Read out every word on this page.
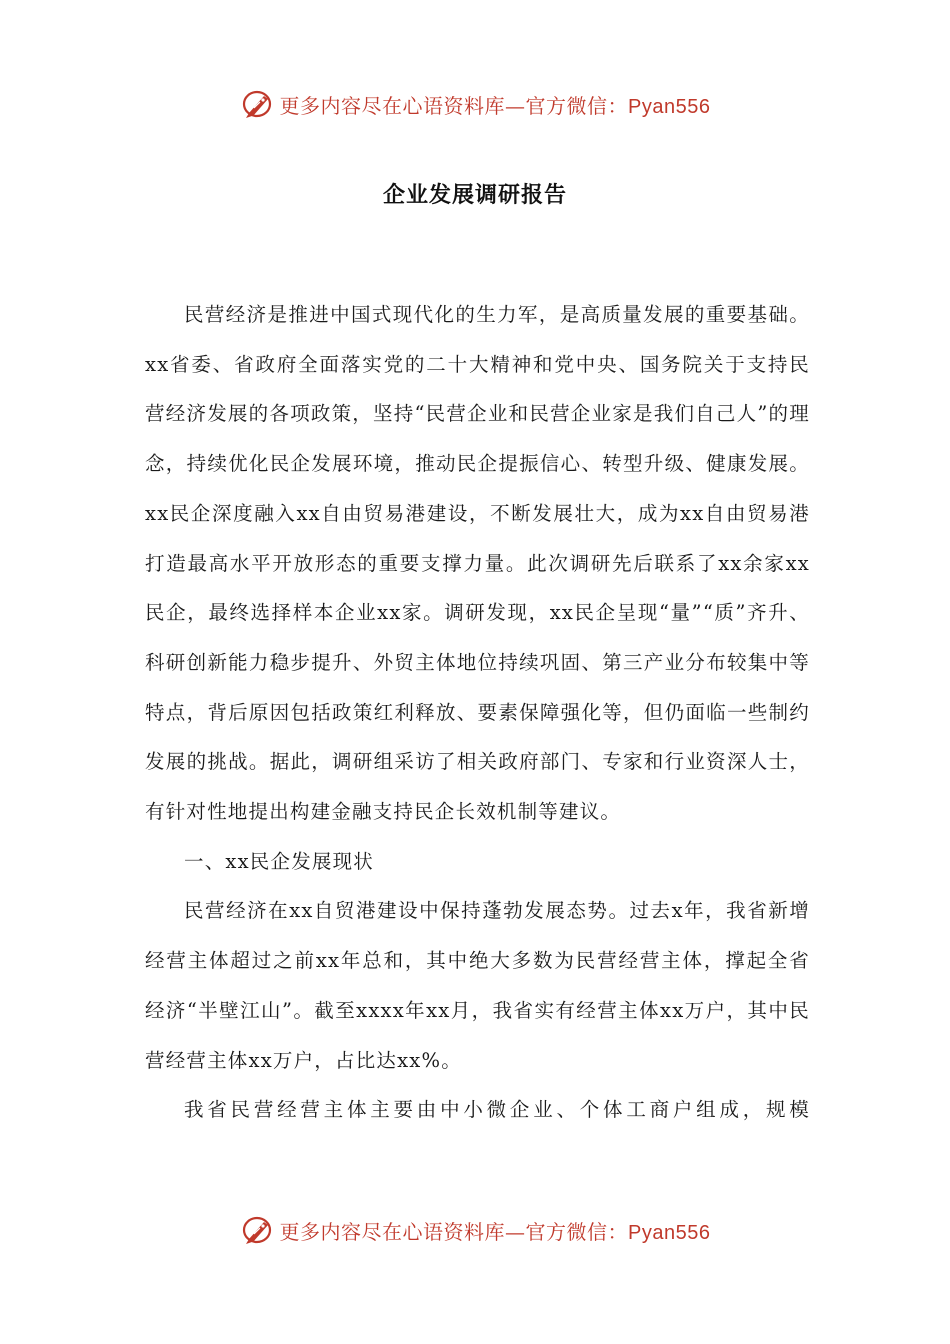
更多内容尽在心语资料库—官方微信：Pyan556
企业发展调研报告

民营经济是推进中国式现代化的生力军，是高质量发展的重要基础。xx省委、省政府全面落实党的二十大精神和党中央、国务院关于支持民营经济发展的各项政策，坚持“民营企业和民营企业家是我们自己人”的理念，持续优化民企发展环境，推动民企提振信心、转型升级、健康发展。xx民企深度融入xx自由贸易港建设，不断发展壮大，成为xx自由贸易港打造最高水平开放形态的重要支撑力量。此次调研先后联系了xx余家xx民企，最终选择样本企业xx家。调研发现，xx民企呈现“量”“质”齐升、科研创新能力稳步提升、外贸主体地位持续巩固、第三产业分布较集中等特点，背后原因包括政策红利释放、要素保障强化等，但仍面临一些制约发展的挑战。据此，调研组采访了相关政府部门、专家和行业资深人士，有针对性地提出构建金融支持民企长效机制等建议。

一、xx民企发展现状

民营经济在xx自贸港建设中保持蓬勃发展态势。过去x年，我省新增经营主体超过之前xx年总和，其中绝大多数为民营经营主体，撑起全省经济“半壁江山”。截至xxxx年xx月，我省实有经营主体xx万户，其中民营经营主体xx万户，占比达xx%。

我省民营经营主体主要由中小微企业、个体工商户组成，规模

更多内容尽在心语资料库—官方微信：Pyan556
